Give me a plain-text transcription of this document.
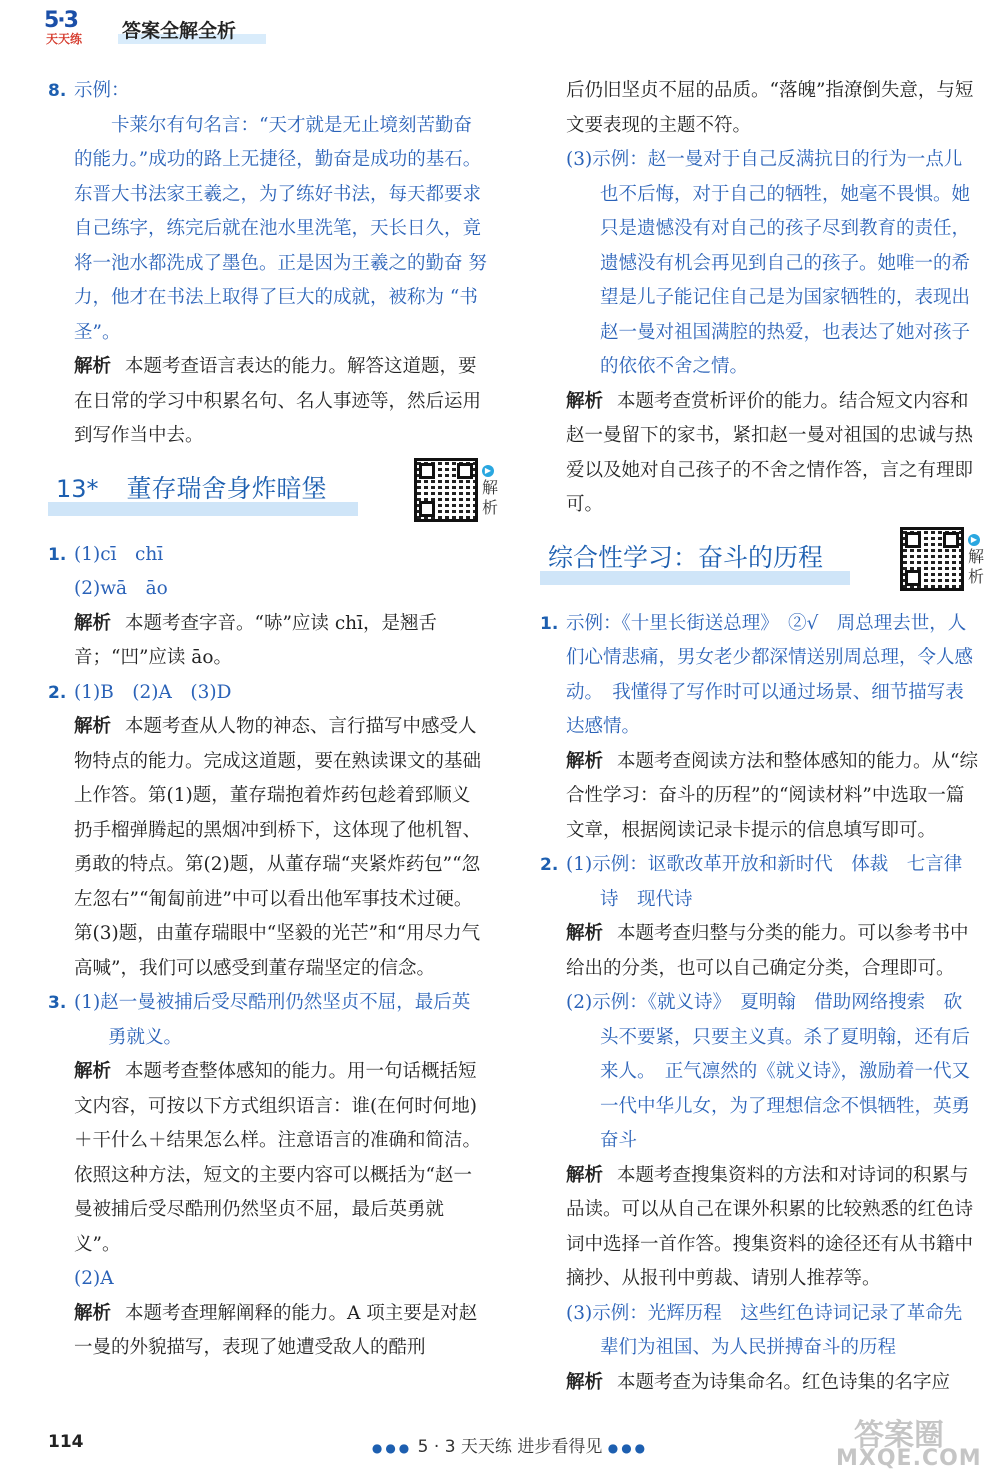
5·3
天天练 答案全解全析
8. 示例：
卡莱尔有句名言：“天才就是无止境刻苦勤奋 的能力。”成功的路上无捷径，勤奋是成功的基石。 东晋大书法家王羲之，为了练好书法，每天都要求 自己练字，练完后就在池水里洗笔，天长日久，竟 将一池水都洗成了墨色。正是因为王羲之的勤奋 努力，他才在书法上取得了巨大的成就，被称为 “书圣”。
解析 本题考查语言表达的能力。解答这道题，要在日常的学习中积累名句、名人事迹等，然后运用到写作当中去。
13* 董存瑞舍身炸暗堡
▶ 解析
1. (1)cī　chī
(2)wā　āo
解析 本题考查字音。“哧”应读 chī，是翘舌音；“凹”应读 āo。
2. (1)B　(2)A　(3)D
解析 本题考查从人物的神态、言行描写中感受人物特点的能力。完成这道题，要在熟读课文的基础上作答。第(1)题，董存瑞抱着炸药包趁着郅顺义扔手榴弹腾起的黑烟冲到桥下，这体现了他机智、勇敢的特点。第(2)题，从董存瑞“夹紧炸药包”“忽左忽右”“匍匐前进”中可以看出他军事技术过硬。第(3)题，由董存瑞眼中“坚毅的光芒”和“用尽力气高喊”，我们可以感受到董存瑞坚定的信念。
3. (1)赵一曼被捕后受尽酷刑仍然坚贞不屈，最后英
勇就义。
解析 本题考查整体感知的能力。用一句话概括短文内容，可按以下方式组织语言：谁(在何时何地)＋干什么＋结果怎么样。注意语言的准确和简洁。依照这种方法，短文的主要内容可以概括为“赵一曼被捕后受尽酷刑仍然坚贞不屈，最后英勇就义”。
(2)A
解析 本题考查理解阐释的能力。A 项主要是对赵一曼的外貌描写，表现了她遭受敌人的酷刑
后仍旧坚贞不屈的品质。“落魄”指潦倒失意，与短文要表现的主题不符。
(3)示例：赵一曼对于自己反满抗日的行为一点儿
也不后悔，对于自己的牺牲，她毫不畏惧。她只是遗憾没有对自己的孩子尽到教育的责任，遗憾没有机会再见到自己的孩子。她唯一的希望是儿子能记住自己是为国家牺牲的，表现出赵一曼对祖国满腔的热爱，也表达了她对孩子的依依不舍之情。
解析 本题考查赏析评价的能力。结合短文内容和赵一曼留下的家书，紧扣赵一曼对祖国的忠诚与热爱以及她对自己孩子的不舍之情作答，言之有理即可。
综合性学习：奋斗的历程
▶ 解析
1. 示例：《十里长街送总理》　②√　周总理去世，人们心情悲痛，男女老少都深情送别周总理，令人感动。　我懂得了写作时可以通过场景、细节描写表达感情。
解析 本题考查阅读方法和整体感知的能力。从“综合性学习：奋斗的历程”的“阅读材料”中选取一篇文章，根据阅读记录卡提示的信息填写即可。
2. (1)示例：讴歌改革开放和新时代　体裁　七言律
诗　现代诗
解析 本题考查归整与分类的能力。可以参考书中给出的分类，也可以自己确定分类，合理即可。
(2)示例：《就义诗》　夏明翰　借助网络搜索　砍
头不要紧，只要主义真。杀了夏明翰，还有后来人。　正气凛然的《就义诗》，激励着一代又一代中华儿女，为了理想信念不惧牺牲，英勇奋斗
解析 本题考查搜集资料的方法和对诗词的积累与品读。可以从自己在课外积累的比较熟悉的红色诗词中选择一首作答。搜集资料的途径还有从书籍中摘抄、从报刊中剪裁、请别人推荐等。
(3)示例：光辉历程　这些红色诗词记录了革命先
辈们为祖国、为人民拼搏奋斗的历程
解析 本题考查为诗集命名。红色诗集的名字应
114	●●● 5 · 3 天天练 进步看得见 ●●●	答案圈
MXQE.COM
